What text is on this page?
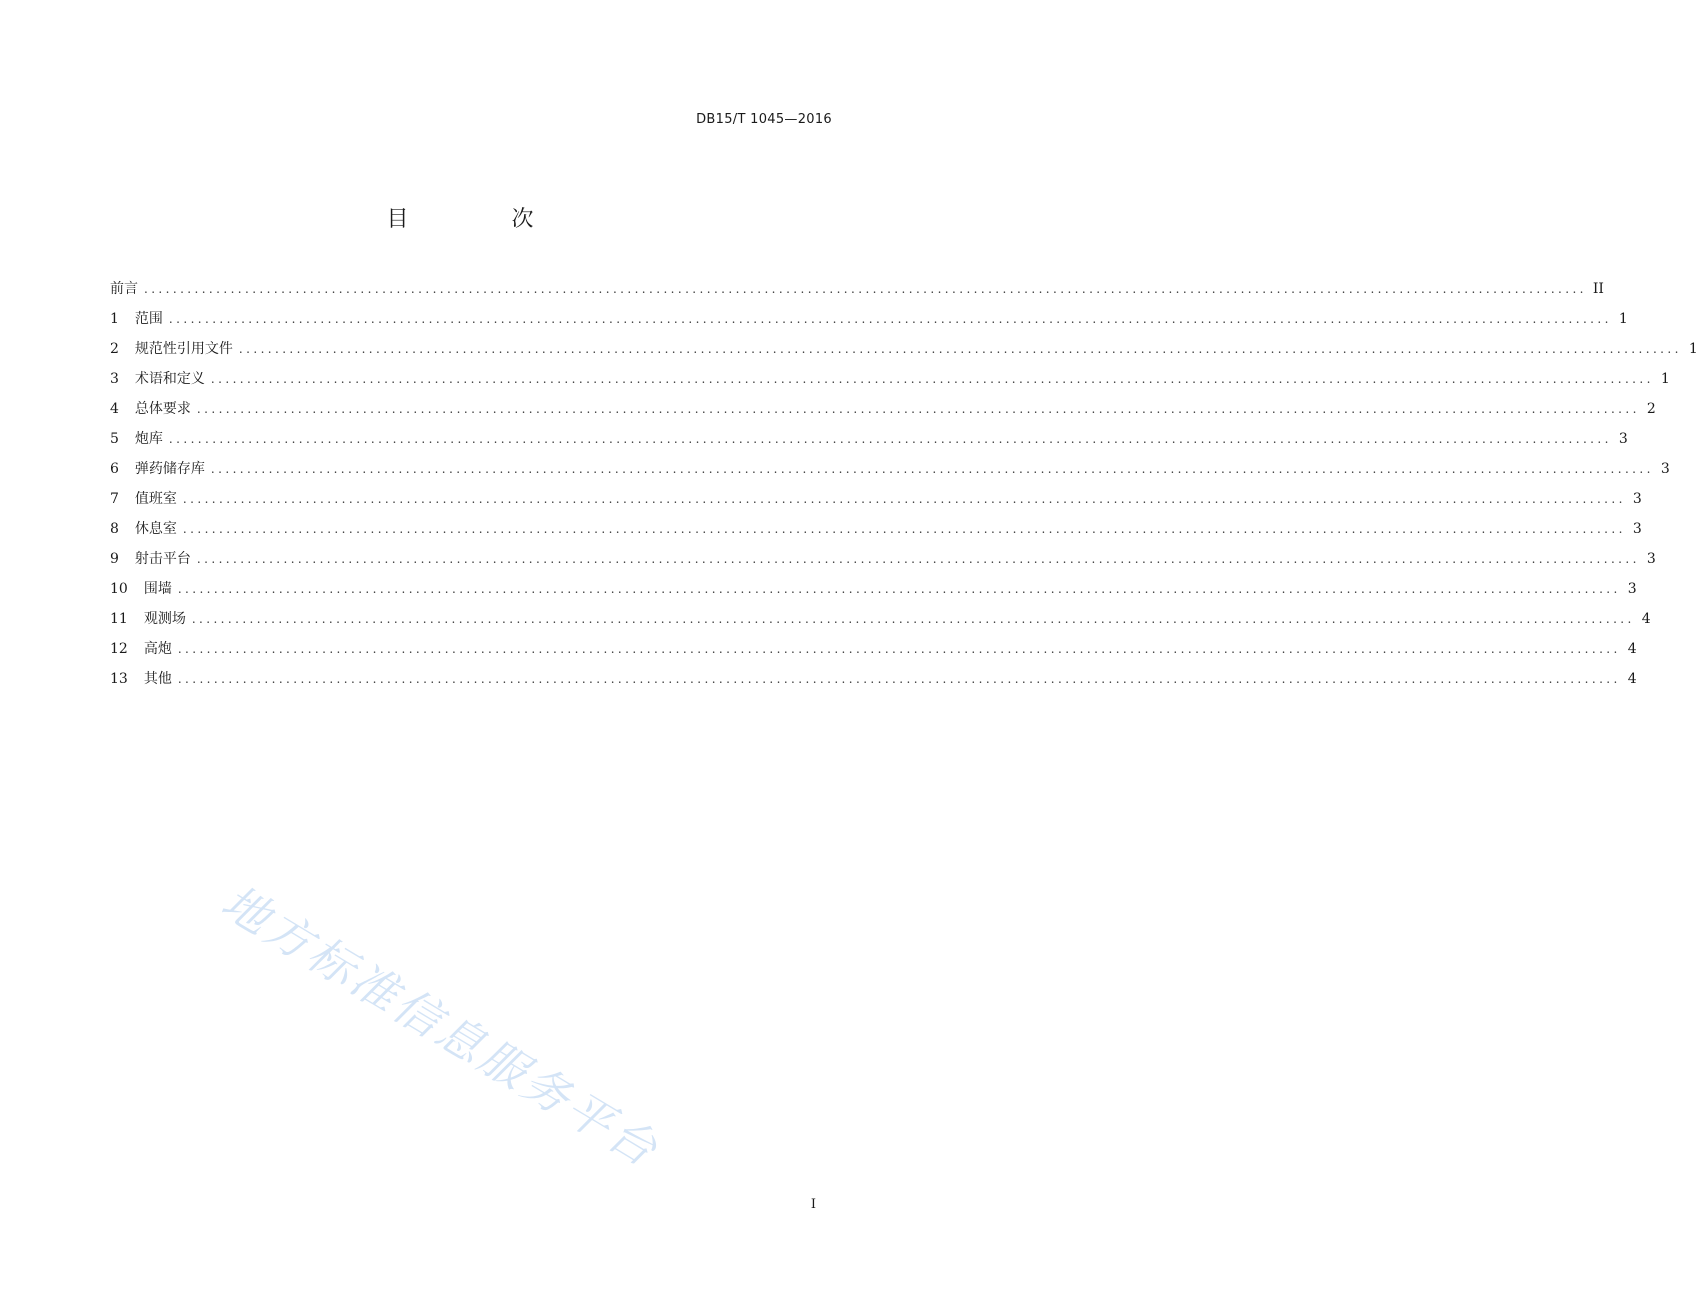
DB15/T 1045—2016
目 次
前言 ........................................................................................................................................................................................................ II
1 范围 ........................................................................................................................................................................................................ 1
2 规范性引用文件 ........................................................................................................................................................................................................ 1
3 术语和定义 ........................................................................................................................................................................................................ 1
4 总体要求 ........................................................................................................................................................................................................ 2
5 炮库 ........................................................................................................................................................................................................ 3
6 弹药储存库 ........................................................................................................................................................................................................ 3
7 值班室 ........................................................................................................................................................................................................ 3
8 休息室 ........................................................................................................................................................................................................ 3
9 射击平台 ........................................................................................................................................................................................................ 3
10 围墙 ........................................................................................................................................................................................................ 3
11 观测场 ........................................................................................................................................................................................................ 4
12 高炮 ........................................................................................................................................................................................................ 4
13 其他 ........................................................................................................................................................................................................ 4
地方标准信息服务平台
I
